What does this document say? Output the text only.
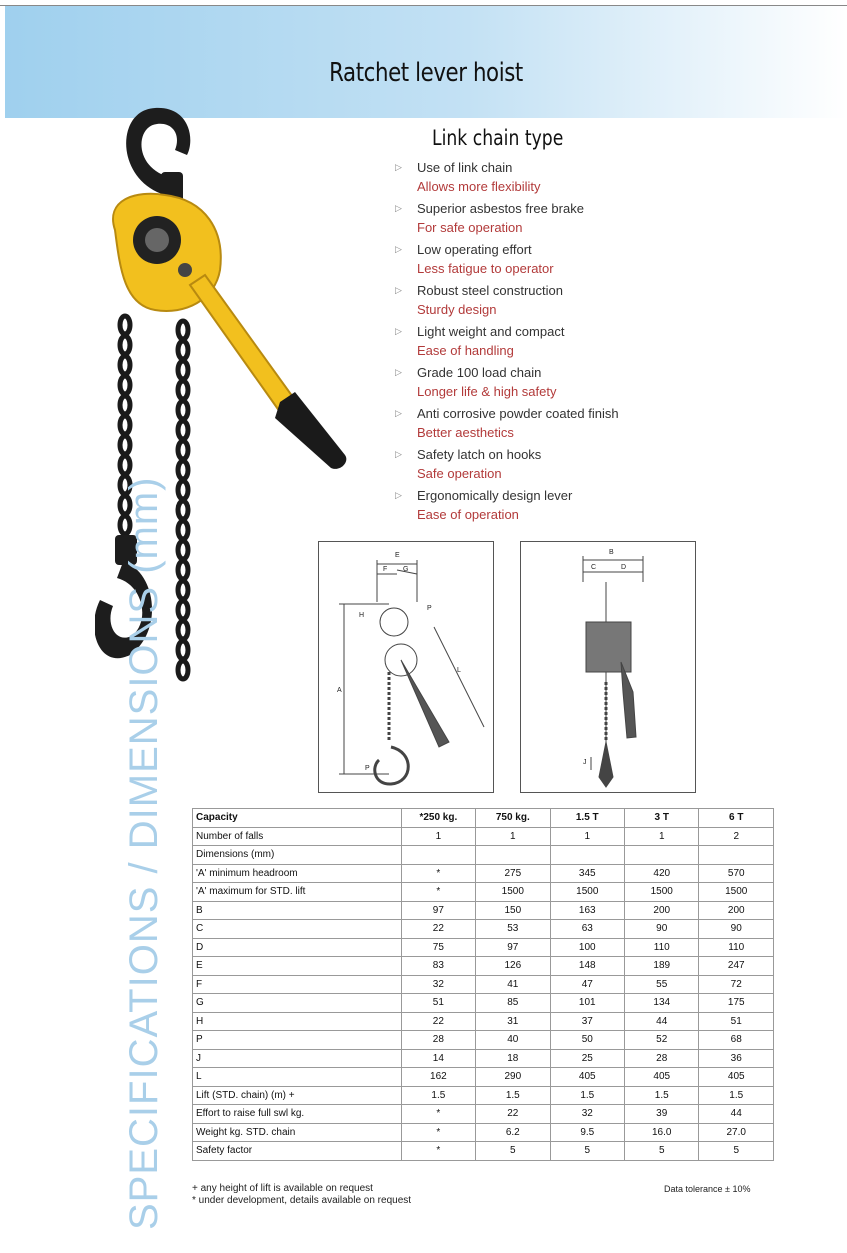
Ratchet lever hoist
Link chain type
▷ Use of link chain
Allows more flexibility
▷ Superior asbestos free brake
For safe operation
▷ Low operating effort
Less fatigue to operator
▷ Robust steel construction
Sturdy design
▷ Light weight and compact
Ease of handling
▷ Grade 100 load chain
Longer life & high safety
▷ Anti corrosive powder coated finish
Better aesthetics
▷ Safety latch on hooks
Safe operation
▷ Ergonomically design lever
Ease of operation
E
F G
H
P
A
L
P
B
C	D
J
SPECIFICATIONS / DIMENSIONS (mm)	Capacity	*250 kg.	750 kg.	1.5 T	3 T	6 T
Number of falls	1	1	1	1	2
Dimensions (mm)					
'A' minimum headroom	*	275	345	420	570
'A' maximum for STD. lift	*	1500	1500	1500	1500
B	97	150	163	200	200
C	22	53	63	90	90
D	75	97	100	110	110
E	83	126	148	189	247
F	32	41	47	55	72
G	51	85	101	134	175
H	22	31	37	44	51
P	28	40	50	52	68
J	14	18	25	28	36
L	162	290	405	405	405
Lift (STD. chain) (m) +	1.5	1.5	1.5	1.5	1.5
Effort to raise full swl kg.	*	22	32	39	44
Weight kg. STD. chain	*	6.2	9.5	16.0	27.0
Safety factor	*	5	5	5	5
+ any height of lift is available on request
* under development, details available on request
Data tolerance ± 10%
